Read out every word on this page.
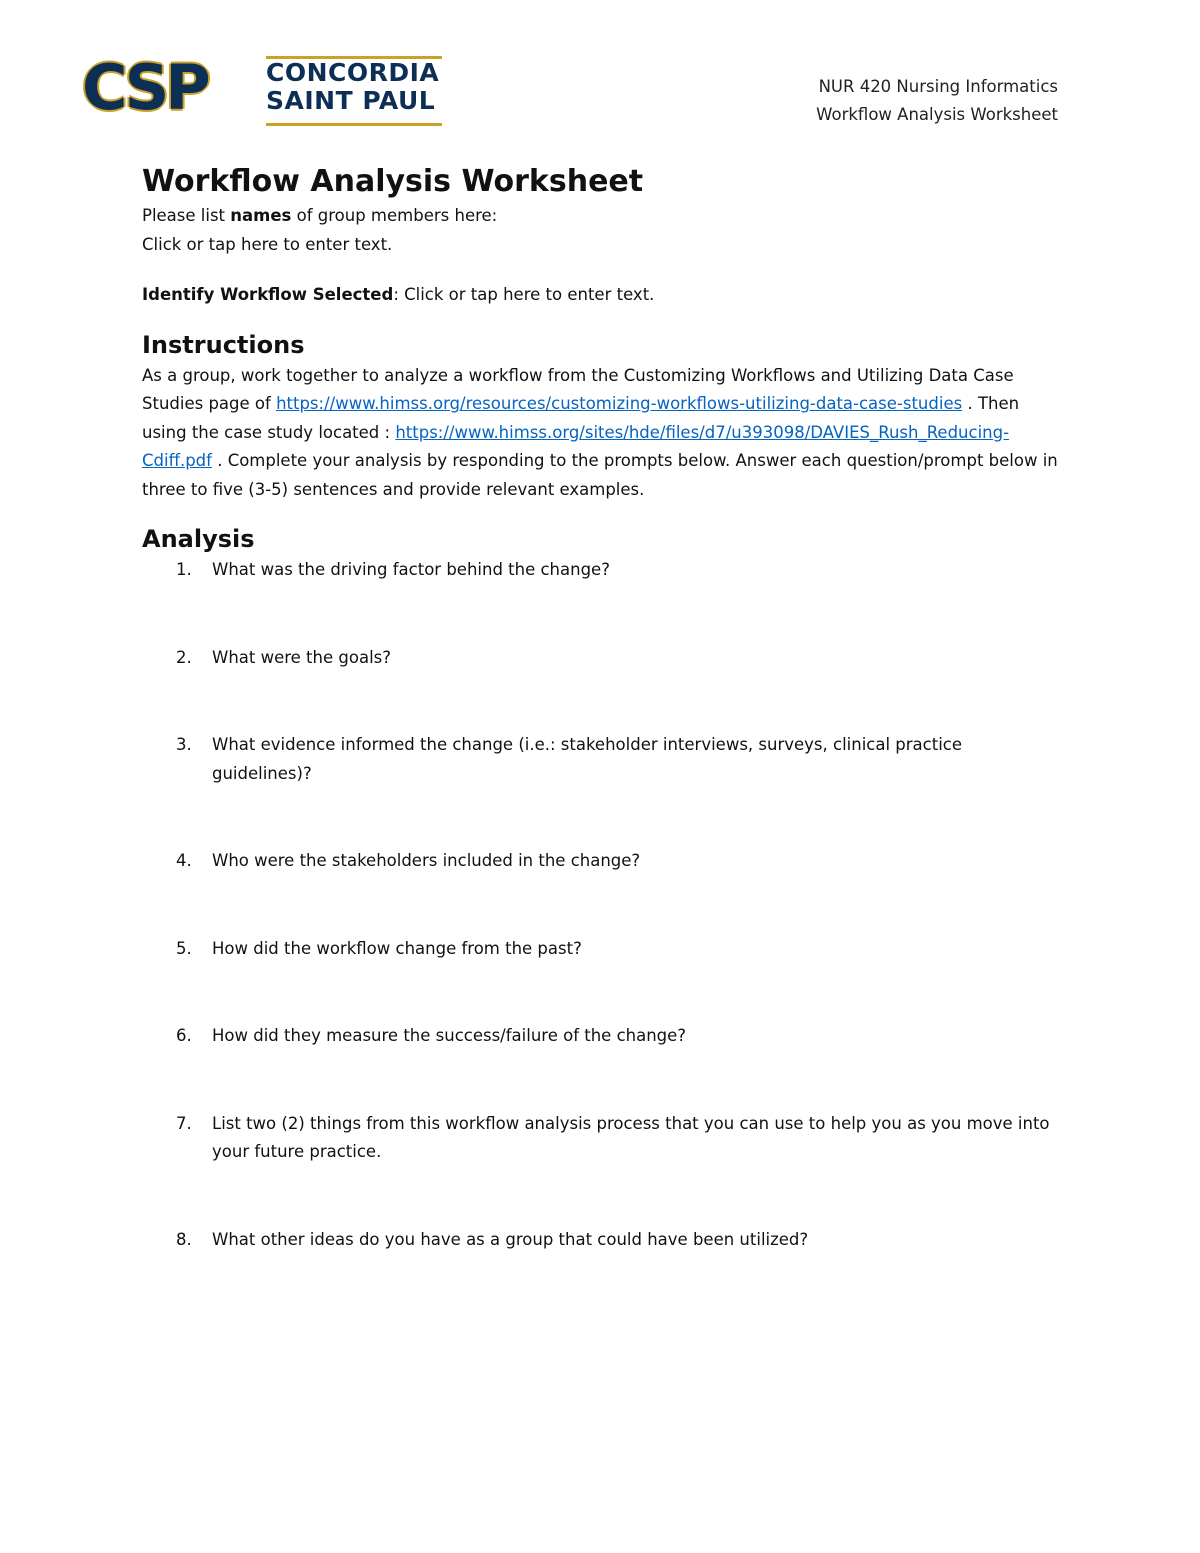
CSP	CONCORDIA
SAINT PAUL	NUR 420 Nursing Informatics
Workflow Analysis Worksheet
Workflow Analysis Worksheet

Please list names of group members here:

Click or tap here to enter text.

Identify Workflow Selected: Click or tap here to enter text.

Instructions

As a group, work together to analyze a workflow from the Customizing Workflows and Utilizing Data Case Studies page of https://www.himss.org/resources/customizing-workflows-utilizing-data-case-studies . Then using the case study located : https://www.himss.org/sites/hde/files/d7/u393098/DAVIES_Rush_Reducing-Cdiff.pdf . Complete your analysis by responding to the prompts below. Answer each question/prompt below in three to five (3-5) sentences and provide relevant examples.

Analysis
1. What was the driving factor behind the change?
2. What were the goals?
3. What evidence informed the change (i.e.: stakeholder interviews, surveys, clinical practice guidelines)?
4. Who were the stakeholders included in the change?
5. How did the workflow change from the past?
6. How did they measure the success/failure of the change?
7. List two (2) things from this workflow analysis process that you can use to help you as you move into your future practice.
8. What other ideas do you have as a group that could have been utilized?
